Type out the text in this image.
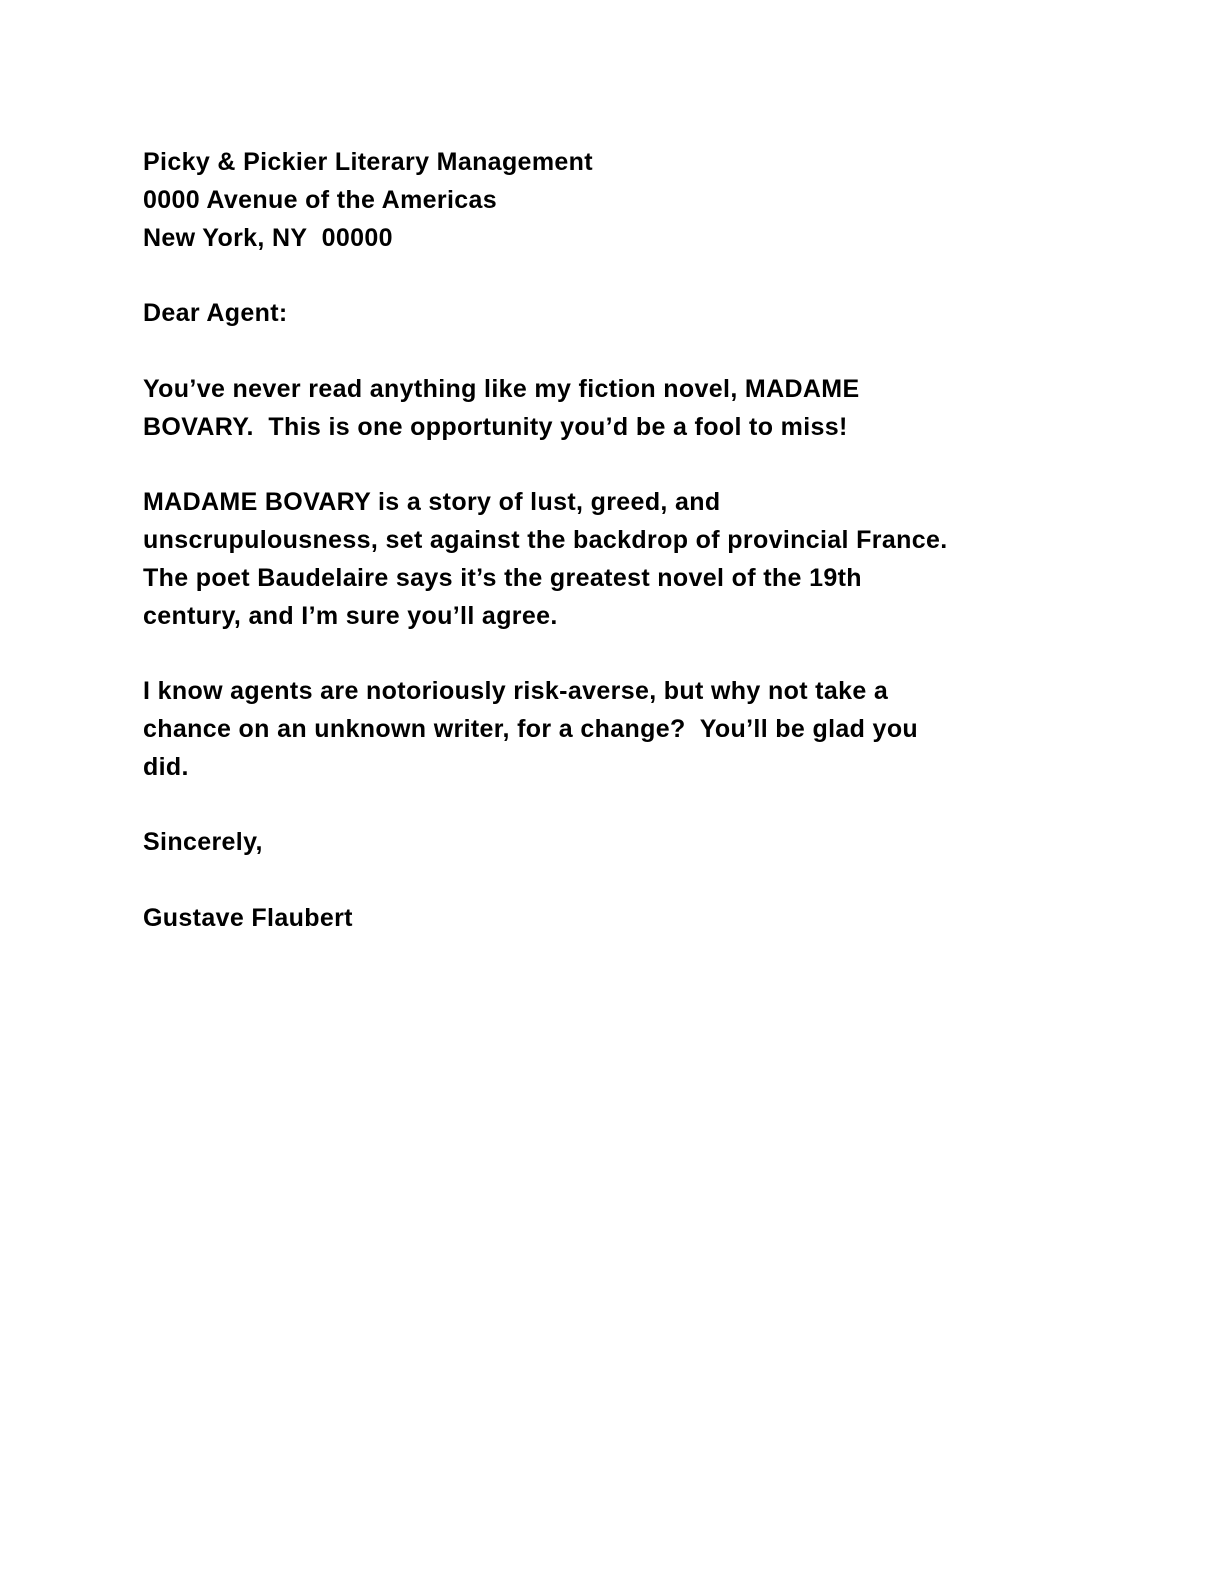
Picky & Pickier Literary Management
0000 Avenue of the Americas
New York, NY  00000
Dear Agent:
You’ve never read anything like my fiction novel, MADAME
BOVARY.  This is one opportunity you’d be a fool to miss!
MADAME BOVARY is a story of lust, greed, and
unscrupulousness, set against the backdrop of provincial France.
The poet Baudelaire says it’s the greatest novel of the 19th
century, and I’m sure you’ll agree.
I know agents are notoriously risk-averse, but why not take a
chance on an unknown writer, for a change?  You’ll be glad you
did.
Sincerely,
Gustave Flaubert
